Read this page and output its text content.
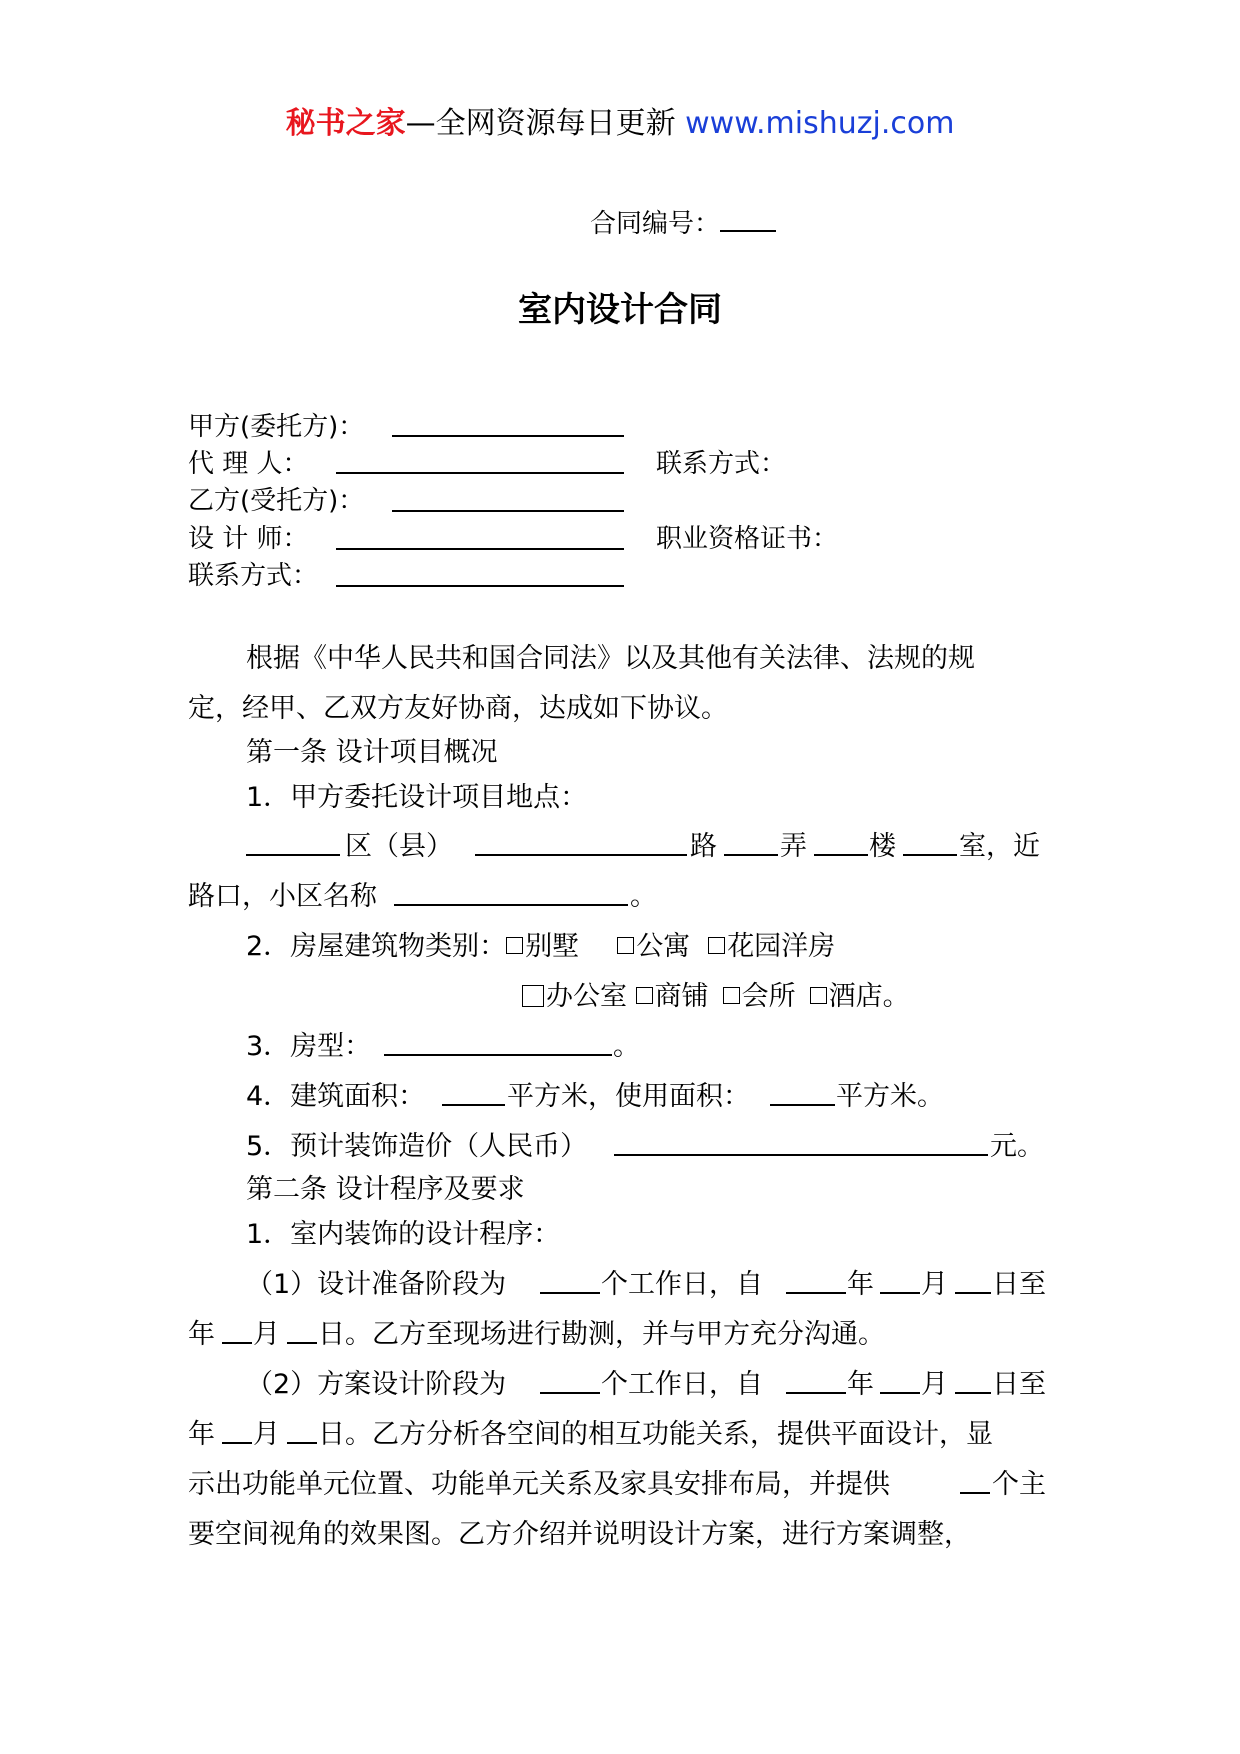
秘书之家—全网资源每日更新 www.mishuzj.com
合同编号：
室内设计合同
甲方(委托方)：
代 理 人：	联系方式：
乙方(受托方)：
设 计 师：	职业资格证书：
联系方式：
根据《中华人民共和国合同法》以及其他有关法律、法规的规
定，经甲、乙双方友好协商，达成如下协议。
第一条 设计项目概况
1．甲方委托设计项目地点：
区（县）	路 弄 楼 室，近
路口，小区名称	。
2．房屋建筑物类别： 别墅 公寓 花园洋房
办公室 商铺 会所 酒店。
3．房型：	。
4．建筑面积：	平方米，使用面积：	平方米。
5．预计装饰造价（人民币）	元。
第二条 设计程序及要求
1．室内装饰的设计程序：
（1）设计准备阶段为	个工作日，自	年 月 日至
年 月 日。乙方至现场进行勘测，并与甲方充分沟通。
（2）方案设计阶段为	个工作日，自	年 月 日至
年 月 日。乙方分析各空间的相互功能关系，提供平面设计，显
示出功能单元位置、功能单元关系及家具安排布局，并提供	个主
要空间视角的效果图。乙方介绍并说明设计方案，进行方案调整，
